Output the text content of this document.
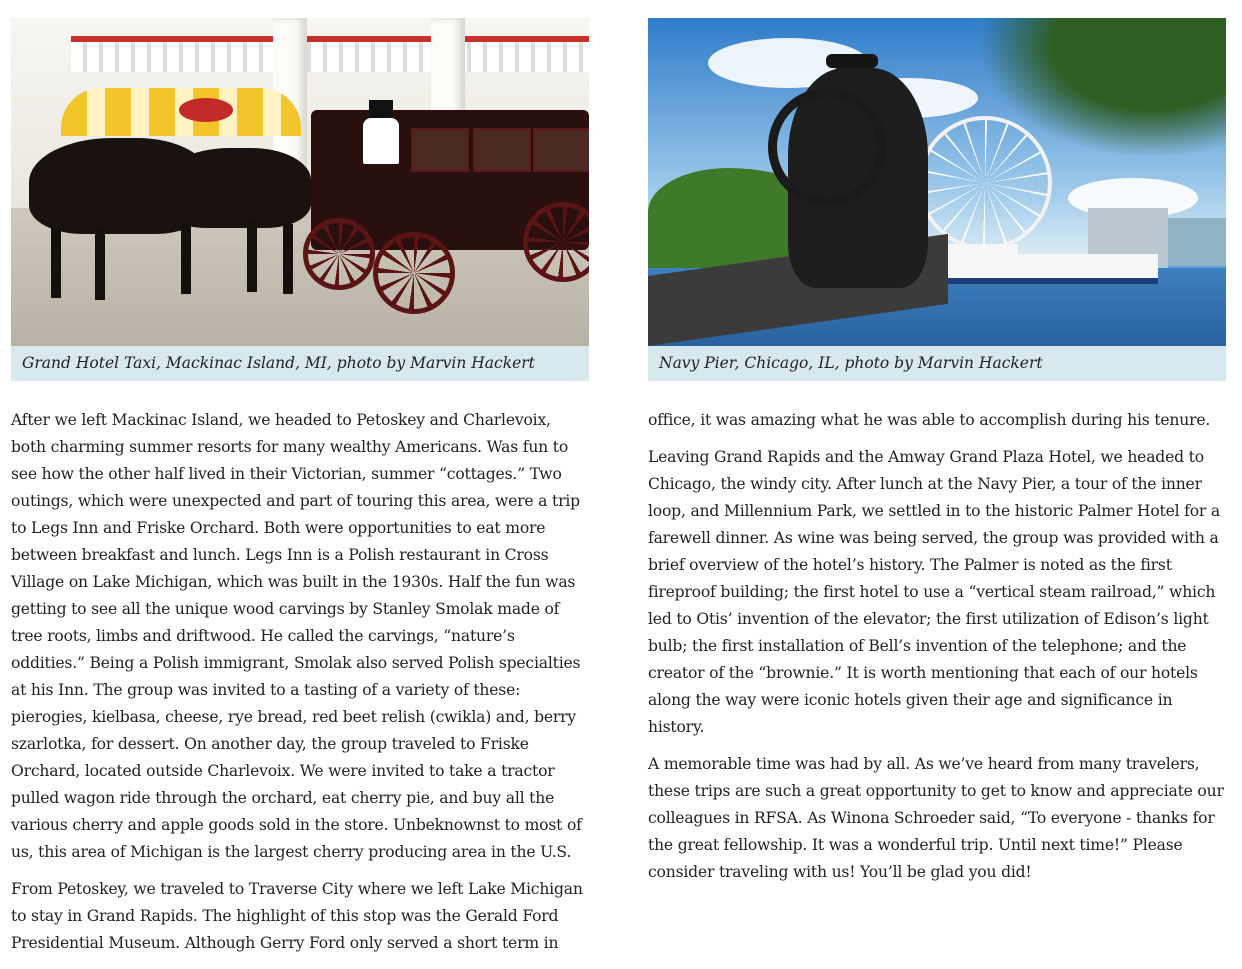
Grand Hotel Taxi, Mackinac Island, MI, photo by Marvin Hackert

After we left Mackinac Island, we headed to Petoskey and Charlevoix, both charming summer resorts for many wealthy Americans. Was fun to see how the other half lived in their Victorian, summer “cottages.” Two outings, which were unexpected and part of touring this area, were a trip to Legs Inn and Friske Orchard. Both were opportunities to eat more between breakfast and lunch. Legs Inn is a Polish restaurant in Cross Village on Lake Michigan, which was built in the 1930s. Half the fun was getting to see all the unique wood carvings by Stanley Smolak made of tree roots, limbs and driftwood. He called the carvings, “nature’s oddities.” Being a Polish immigrant, Smolak also served Polish specialties at his Inn. The group was invited to a tasting of a variety of these: pierogies, kielbasa, cheese, rye bread, red beet relish (cwikla) and, berry szarlotka, for dessert. On another day, the group traveled to Friske Orchard, located outside Charlevoix. We were invited to take a tractor pulled wagon ride through the orchard, eat cherry pie, and buy all the various cherry and apple goods sold in the store. Unbeknownst to most of us, this area of Michigan is the largest cherry producing area in the U.S.

From Petoskey, we traveled to Traverse City where we left Lake Michigan to stay in Grand Rapids. The highlight of this stop was the Gerald Ford Presidential Museum. Although Gerry Ford only served a short term in

Navy Pier, Chicago, IL, photo by Marvin Hackert

office, it was amazing what he was able to accomplish during his tenure.

Leaving Grand Rapids and the Amway Grand Plaza Hotel, we headed to Chicago, the windy city. After lunch at the Navy Pier, a tour of the inner loop, and Millennium Park, we settled in to the historic Palmer Hotel for a farewell dinner. As wine was being served, the group was provided with a brief overview of the hotel’s history. The Palmer is noted as the first fireproof building; the first hotel to use a “vertical steam railroad,” which led to Otis’ invention of the elevator; the first utilization of Edison’s light bulb; the first installation of Bell’s invention of the telephone; and the creator of the “brownie.” It is worth mentioning that each of our hotels along the way were iconic hotels given their age and significance in history.

A memorable time was had by all. As we’ve heard from many travelers, these trips are such a great opportunity to get to know and appreciate our colleagues in RFSA. As Winona Schroeder said, “To everyone - thanks for the great fellowship. It was a wonderful trip. Until next time!” Please consider traveling with us! You’ll be glad you did!
